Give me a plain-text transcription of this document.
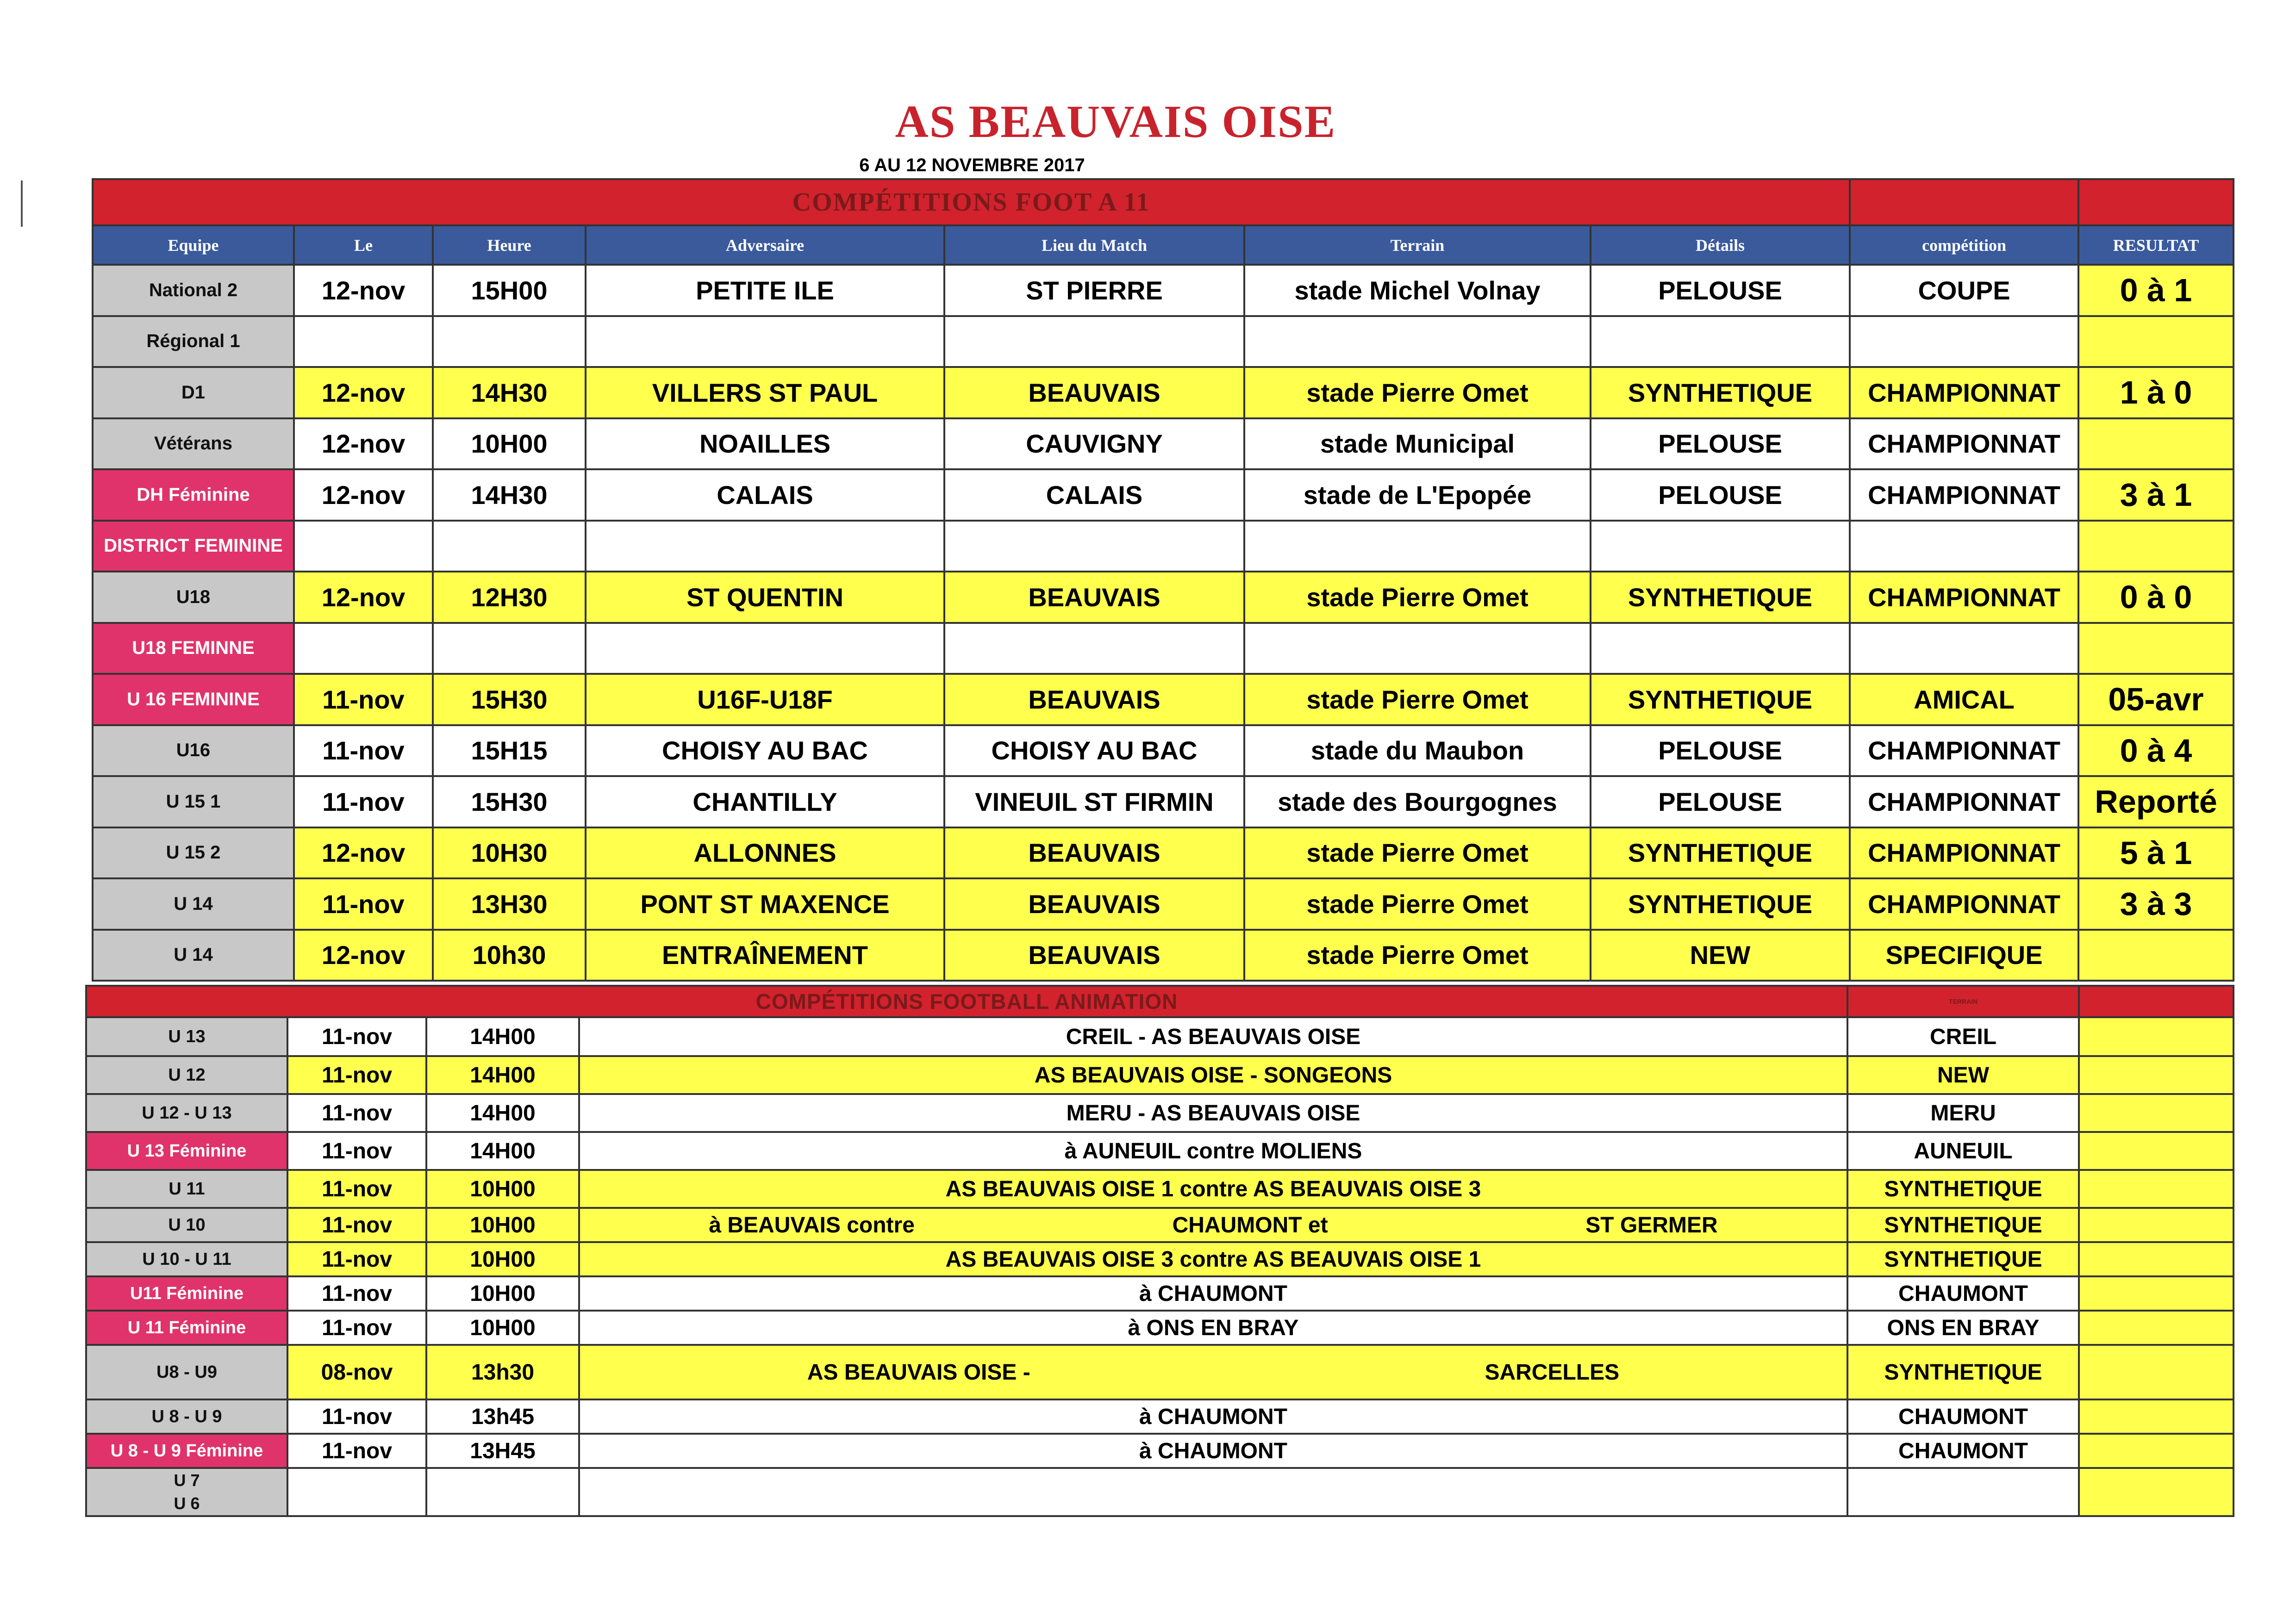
AS BEAUVAIS OISE
6 AU 12 NOVEMBRE 2017
COMPÉTITIONS FOOT A 11								
Equipe	Le	Heure	Adversaire	Lieu du Match	Terrain	Détails	compétition	RESULTAT
National 2	12-nov	15H00	PETITE ILE	ST PIERRE	stade Michel Volnay	PELOUSE	COUPE	0 à 1
Régional 1								
D1	12-nov	14H30	VILLERS ST PAUL	BEAUVAIS	stade Pierre Omet	SYNTHETIQUE	CHAMPIONNAT	1 à 0
Vétérans	12-nov	10H00	NOAILLES	CAUVIGNY	stade Municipal	PELOUSE	CHAMPIONNAT	
DH Féminine	12-nov	14H30	CALAIS	CALAIS	stade de L'Epopée	PELOUSE	CHAMPIONNAT	3 à 1
DISTRICT FEMININE								
U18	12-nov	12H30	ST QUENTIN	BEAUVAIS	stade Pierre Omet	SYNTHETIQUE	CHAMPIONNAT	0 à 0
U18 FEMINNE								
U 16 FEMININE	11-nov	15H30	U16F-U18F	BEAUVAIS	stade Pierre Omet	SYNTHETIQUE	AMICAL	05-avr
U16	11-nov	15H15	CHOISY AU BAC	CHOISY AU BAC	stade du Maubon	PELOUSE	CHAMPIONNAT	0 à 4
U 15 1	11-nov	15H30	CHANTILLY	VINEUIL ST FIRMIN	stade des Bourgognes	PELOUSE	CHAMPIONNAT	Reporté
U 15 2	12-nov	10H30	ALLONNES	BEAUVAIS	stade Pierre Omet	SYNTHETIQUE	CHAMPIONNAT	5 à 1
U 14	11-nov	13H30	PONT ST MAXENCE	BEAUVAIS	stade Pierre Omet	SYNTHETIQUE	CHAMPIONNAT	3 à 3
U 14	12-nov	10h30	ENTRAÎNEMENT	BEAUVAIS	stade Pierre Omet	NEW	SPECIFIQUE	
COMPÉTITIONS FOOTBALL ANIMATION				TERRAIN	
U 13	11-nov	14H00	CREIL - AS BEAUVAIS OISE	CREIL	
U 12	11-nov	14H00	AS BEAUVAIS OISE - SONGEONS	NEW	
U 12 - U 13	11-nov	14H00	MERU - AS BEAUVAIS OISE	MERU	
U 13 Féminine	11-nov	14H00	à AUNEUIL contre MOLIENS	AUNEUIL	
U 11	11-nov	10H00	AS BEAUVAIS OISE 1 contre AS BEAUVAIS OISE 3	SYNTHETIQUE	
U 10	11-nov	10H00	à BEAUVAIS contre CHAUMONT et ST GERMER	SYNTHETIQUE	
U 10 - U 11	11-nov	10H00	AS BEAUVAIS OISE 3 contre AS BEAUVAIS OISE 1	SYNTHETIQUE	
U11 Féminine	11-nov	10H00	à CHAUMONT	CHAUMONT	
U 11 Féminine	11-nov	10H00	à ONS EN BRAY	ONS EN BRAY	
U8 - U9	08-nov	13h30	AS BEAUVAIS OISE - SARCELLES	SYNTHETIQUE	
U 8 - U 9	11-nov	13h45	à CHAUMONT	CHAUMONT	
U 8 - U 9 Féminine	11-nov	13H45	à CHAUMONT	CHAUMONT	

U 7
U 6					
